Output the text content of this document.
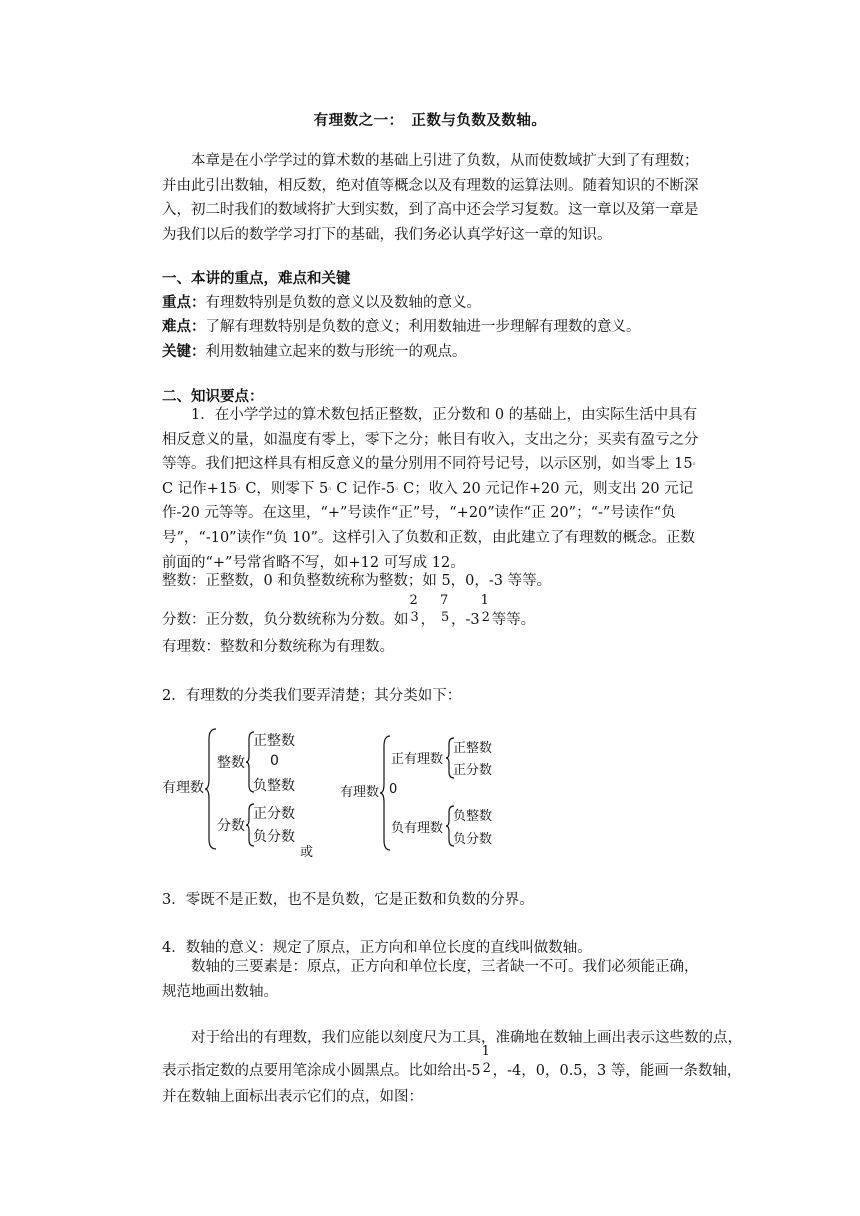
有理数之一：　正数与负数及数轴。

本章是在小学学过的算术数的基础上引进了负数，从而使数域扩大到了有理数；并由此引出数轴，相反数，绝对值等概念以及有理数的运算法则。随着知识的不断深入，初二时我们的数域将扩大到实数，到了高中还会学习复数。这一章以及第一章是为我们以后的数学学习打下的基础，我们务必认真学好这一章的知识。

一、本讲的重点，难点和关键
重点：有理数特别是负数的意义以及数轴的意义。
难点：了解有理数特别是负数的意义；利用数轴进一步理解有理数的意义。
关键：利用数轴建立起来的数与形统一的观点。
二、知识要点：

1．在小学学过的算术数包括正整数，正分数和 0 的基础上，由实际生活中具有相反意义的量，如温度有零上，零下之分；帐目有收入，支出之分；买卖有盈亏之分等等。我们把这样具有相反意义的量分别用不同符号记号，以示区别，如当零上 15。C 记作+15。C，则零下 5。C 记作-5。C；收入 20 元记作+20 元，则支出 20 元记作-20 元等等。在这里，“+”号读作“正”号，“+20”读作“正 20”；“-”号读作“负号”，“-10”读作“负 10”。这样引入了负数和正数，由此建立了有理数的概念。正数前面的“+”号常省略不写，如+12 可写成 12。

整数：正整数，0 和负整数统称为整数；如 5，0，-3 等等。
分数：正分数，负分数统称为分数。如
2
3 ，
7
5 ，-3
1
2 等等。
有理数：整数和分数统称为有理数。
2．有理数的分类我们要弄清楚；其分类如下：
有理数
整数
正整数
0
负整数
分数
正分数
负分数
或
有理数 0
正有理数
正整数
正分数
负有理数
负整数
负分数
3．零既不是正数，也不是负数，它是正数和负数的分界。
4．数轴的意义：规定了原点，正方向和单位长度的直线叫做数轴。

数轴的三要素是：原点，正方向和单位长度，三者缺一不可。我们必须能正确，规范地画出数轴。

对于给出的有理数，我们应能以刻度尺为工具，准确地在数轴上画出表示这些数的点，
表示指定数的点要用笔涂成小圆黑点。比如给出-5
1
2 ，-4，0，0.5，3 等，能画一条数轴，
并在数轴上面标出表示它们的点，如图：
